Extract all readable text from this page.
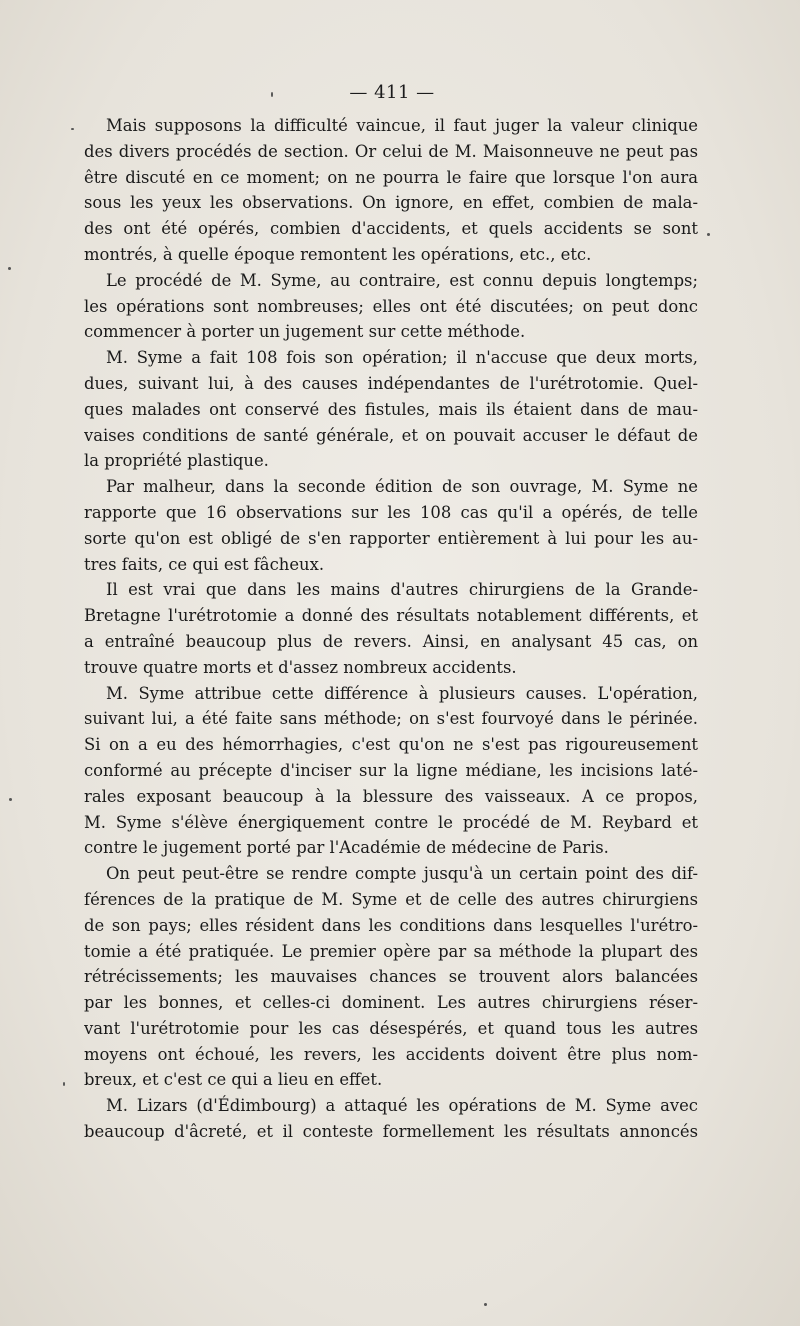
— 411 —
Mais supposons la difficulté vaincue, il faut juger la valeur clinique
des divers procédés de section. Or celui de M. Maisonneuve ne peut pas
être discuté en ce moment; on ne pourra le faire que lorsque l'on aura
sous les yeux les observations. On ignore, en effet, combien de mala-
des ont été opérés, combien d'accidents, et quels accidents se sont
montrés, à quelle époque remontent les opérations, etc., etc.
Le procédé de M. Syme, au contraire, est connu depuis longtemps;
les opérations sont nombreuses; elles ont été discutées; on peut donc
commencer à porter un jugement sur cette méthode.
M. Syme a fait 108 fois son opération; il n'accuse que deux morts,
dues, suivant lui, à des causes indépendantes de l'urétrotomie. Quel-
ques malades ont conservé des fistules, mais ils étaient dans de mau-
vaises conditions de santé générale, et on pouvait accuser le défaut de
la propriété plastique.
Par malheur, dans la seconde édition de son ouvrage, M. Syme ne
rapporte que 16 observations sur les 108 cas qu'il a opérés, de telle
sorte qu'on est obligé de s'en rapporter entièrement à lui pour les au-
tres faits, ce qui est fâcheux.
Il est vrai que dans les mains d'autres chirurgiens de la Grande-
Bretagne l'urétrotomie a donné des résultats notablement différents, et
a entraîné beaucoup plus de revers. Ainsi, en analysant 45 cas, on
trouve quatre morts et d'assez nombreux accidents.
M. Syme attribue cette différence à plusieurs causes. L'opération,
suivant lui, a été faite sans méthode; on s'est fourvoyé dans le périnée.
Si on a eu des hémorrhagies, c'est qu'on ne s'est pas rigoureusement
conformé au précepte d'inciser sur la ligne médiane, les incisions laté-
rales exposant beaucoup à la blessure des vaisseaux. A ce propos,
M. Syme s'élève énergiquement contre le procédé de M. Reybard et
contre le jugement porté par l'Académie de médecine de Paris.
On peut peut-être se rendre compte jusqu'à un certain point des dif-
férences de la pratique de M. Syme et de celle des autres chirurgiens
de son pays; elles résident dans les conditions dans lesquelles l'urétro-
tomie a été pratiquée. Le premier opère par sa méthode la plupart des
rétrécissements; les mauvaises chances se trouvent alors balancées
par les bonnes, et celles-ci dominent. Les autres chirurgiens réser-
vant l'urétrotomie pour les cas désespérés, et quand tous les autres
moyens ont échoué, les revers, les accidents doivent être plus nom-
breux, et c'est ce qui a lieu en effet.
M. Lizars (d'Édimbourg) a attaqué les opérations de M. Syme avec
beaucoup d'âcreté, et il conteste formellement les résultats annoncés
